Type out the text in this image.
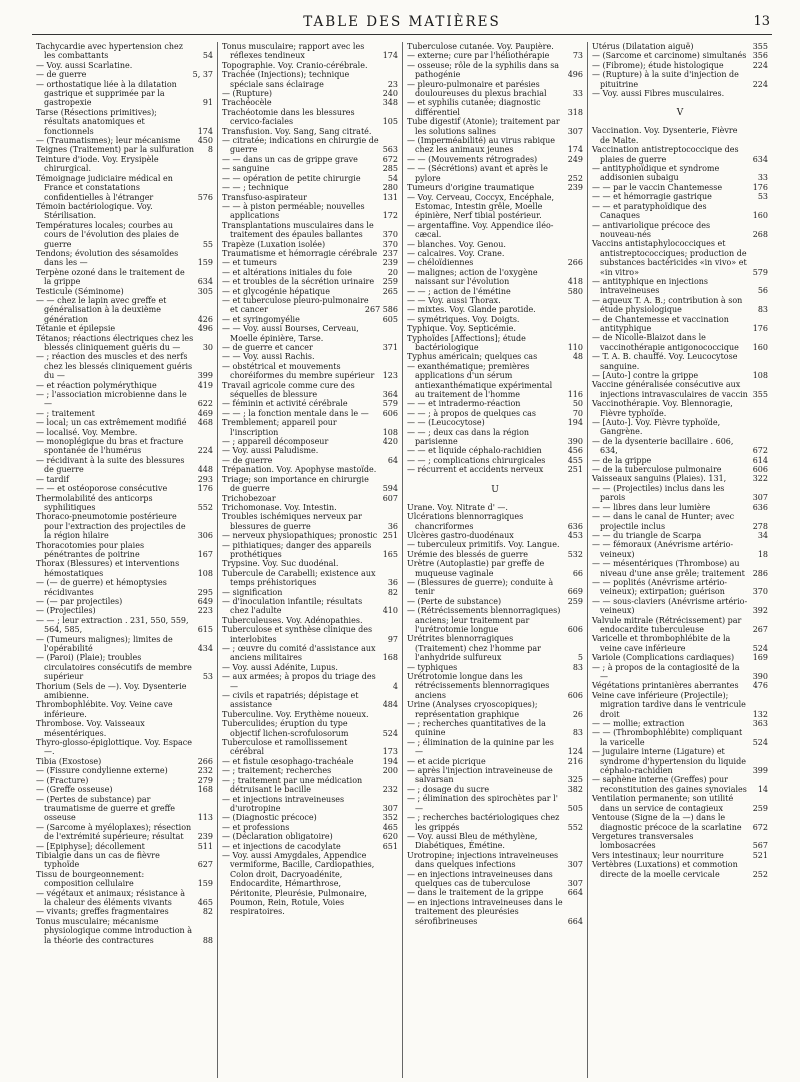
TABLE DES MATIÈRES	13
Tachycardie avec hypertension chez les combattants	54
— Voy. aussi Scarlatine.
— de guerre	5, 37
— orthostatique liée à la dilatation gastrique et supprimée par la gastropexie	91
Tarse (Résections primitives); résultats anatomiques et fonctionnels	174
— (Traumatismes); leur mécanisme	450
Teignes (Traitement) par la sulfuration	8
Teinture d'iode. Voy. Erysipèle chirurgical.
Témoignage judiciaire médical en France et constatations confidentielles à l'étranger	576
Témoin bactériologique. Voy. Stérilisation.
Températures locales; courbes au cours de l'évolution des plaies de guerre	55
Tendons; évolution des sésamoïdes dans les —	159
Terpène ozoné dans le traitement de la grippe	634
Testicule (Séminome)	305
— — chez le lapin avec greffe et généralisation à la deuxième génération	426
Tétanie et épilepsie	496
Tétanos; réactions électriques chez les blessés cliniquement guéris du —	30
— ; réaction des muscles et des nerfs chez les blessés cliniquement guéris du —	399
— et réaction polymérythique	419
— ; l'association microbienne dans le —	622
— ; traitement	469
— local; un cas extrêmement modifié	468
— localisé. Voy. Membre.
— monoplégique du bras et fracture spontanée de l'humérus	224
— récidivant à la suite des blessures de guerre	448
— tardif	293
— — et ostéoporose consécutive	176
Thermolabilité des anticorps syphilitiques	552
Thoraco-pneumotomie postérieure pour l'extraction des projectiles de la région hilaire	306
Thoracotomies pour plaies pénétrantes de poitrine	167
Thorax (Blessures) et interventions hémostatiques	108
— (— de guerre) et hémoptysies récidivantes	295
— (— par projectiles)	649
— (Projectiles)	223
— — ; leur extraction . 231, 550, 559, 564, 585,	615
— (Tumeurs malignes); limites de l'opérabilité	434
— (Paroi) (Plaie); troubles circulatoires consécutifs de membre supérieur	53
Thorium (Sels de —). Voy. Dysenterie amibienne.
Thrombophlébite. Voy. Veine cave inférieure.
Thrombose. Voy. Vaisseaux mésentériques.
Thyro-glosso-épiglottique. Voy. Espace —.
Tibia (Exostose)	266
— (Fissure condylienne externe)	232
— (Fracture)	279
— (Greffe osseuse)	168
— (Pertes de substance) par traumatisme de guerre et greffe osseuse	113
— (Sarcome à myéloplaxes); résection de l'extrémité supérieure; résultat	239
— [Epiphyse]; décollement	511
Tibialgie dans un cas de fièvre typhoïde	627
Tissu de bourgeonnement: composition cellulaire	159
— végétaux et animaux; résistance à la chaleur des éléments vivants	465
— vivants; greffes fragmentaires	82
Tonus musculaire; mécanisme physiologique comme introduction à la théorie des contractures	88
Tonus musculaire; rapport avec les réflexes tendineux	174
Topographie. Voy. Cranio-cérébrale.
Trachée (Injections); technique spéciale sans éclairage	23
— (Rupture)	240
Trachéocèle	348
Trachéotomie dans les blessures cervico-faciales	105
Transfusion. Voy. Sang, Sang citraté.
— citratée; indications en chirurgie de guerre	563
— — dans un cas de grippe grave	672
— sanguine	285
— — opération de petite chirurgie	54
— — ; technique	280
Transfuso-aspirateur	131
— — à piston perméable; nouvelles applications	172
Transplantations musculaires dans le traitement des épaules ballantes	370
Trapèze (Luxation isolée)	370
Traumatisme et hémorragie cérébrale 237
— et tumeurs	239
— et altérations initiales du foie	20
— et troubles de la sécrétion urinaire	259
— et glycogénie hépatique	265
— et tuberculose pleuro-pulmonaire et cancer	267 586
— et syringomyélie	605
— — Voy. aussi Bourses, Cerveau, Moelle épinière, Tarse.
— de guerre et cancer	371
— — Voy. aussi Rachis.
— obstétrical et mouvements choréiformes du membre supérieur	123
Travail agricole comme cure des séquelles de blessure	364
— féminin et activité cérébrale	579
— — ; la fonction mentale dans le —	606
Tremblement; appareil pour l'inscription	108
— ; appareil décomposeur	420
— Voy. aussi Paludisme.
— de guerre	64
Trépanation. Voy. Apophyse mastoïde.
Triage; son importance en chirurgie de guerre	594
Trichobezoar	607
Trichomonase. Voy. Intestin.
Troubles ischémiques nerveux par blessures de guerre	36
— nerveux physiopathiques; pronostic 251
— pithiatiques; danger des appareils prothétiques	165
Trypsine. Voy. Suc duodénal.
Tubercule de Carabelli; existence aux temps préhistoriques	36
— signification	82
— d'inoculation infantile; résultats chez l'adulte	410
Tuberculeuses. Voy. Adénopathies.
Tuberculose et synthèse clinique des interlobites	97
— ; œuvre du comité d'assistance aux anciens militaires	168
— Voy. aussi Adénite, Lupus.
— aux armées; à propos du triage des —	4
— civils et rapatriés; dépistage et assistance	484
Tuberculine. Voy. Erythème noueux.
Tuberculides; éruption du type objectif lichen-scrofulosorum	524
Tuberculose et ramollissement cérébral	173
— et fistule œsophago-trachéale	194
— ; traitement; recherches	200
— ; traitement par une médication détruisant le bacille	232
— et injections intraveineuses d'urotropine	307
— (Diagnostic précoce)	352
— et professions	465
— (Déclaration obligatoire)	620
— et injections de cacodylate	651
— Voy. aussi Amygdales, Appendice vermiforme, Bacille, Cardiopathies, Colon droit, Dacryoadénite, Endocardite, Hémarthrose, Péritonite, Pleurésie, Pulmonaire, Poumon, Rein, Rotule, Voies respiratoires.
Tuberculose cutanée. Voy. Paupière.
— externe; cure par l'héliothérapie	73
— osseuse; rôle de la syphilis dans sa pathogénie	496
— pleuro-pulmonaire et parésies douloureuses du plexus brachial	33
— et syphilis cutanée; diagnostic différentiel	318
Tube digestif (Atonie); traitement par les solutions salines	307
— (Imperméabilité) au virus rabique chez les animaux jeunes	174
— — (Mouvements rétrogrades)	249
— — (Sécrétions) avant et après le pylore	252
Tumeurs d'origine traumatique	239
— Voy. Cerveau, Coccyx, Encéphale, Estomac, Intestin grêle, Moelle épinière, Nerf tibial postérieur.
— argentaffine. Voy. Appendice iléo-cæcal.
— blanches. Voy. Genou.
— calcaires. Voy. Crane.
— chéloïdiennes	266
— malignes; action de l'oxygène naissant sur l'évolution	418
— — ; action de l'émétine	580
— — Voy. aussi Thorax.
— mixtes. Voy. Glande parotide.
— symétriques. Voy. Doigts.
Typhique. Voy. Septicémie.
Typhoïdes [Affections]; étude bactériologique	110
Typhus américain; quelques cas	48
— exanthématique; premières applications d'un sérum antiexanthématique expérimental au traitement de l'homme	116
— — et intradermo-réaction	50
— — ; à propos de quelques cas	70
— — (Leucocytose)	194
— — ; deux cas dans la région parisienne	390
— — et liquide céphalo-rachidien	456
— — ; complications chirurgicales	455
— récurrent et accidents nerveux	251
U
Urane. Voy. Nitrate d' —.
Ulcérations blennorragiques chancriformes	636
Ulcères gastro-duodénaux	453
— tuberculeux primitifs. Voy. Langue.
Urémie des blessés de guerre	532
Urètre (Autoplastie) par greffe de muqueuse vaginale	66
— (Blessures de guerre); conduite à tenir	669
— (Perte de substance)	259
— (Rétrécissements blennorragiques) anciens; leur traitement par l'urétrotomie longue	606
Urétrites blennorragiques (Traitement) chez l'homme par l'anhydride sulfureux	5
— typhiques	83
Urétrotomie longue dans les rétrécissements blennorragiques anciens	606
Urine (Analyses cryoscopiques); représentation graphique	26
— ; recherches quantitatives de la quinine	83
— ; élimination de la quinine par les —	124
— et acide picrique	216
— après l'injection intraveineuse de salvarsan	325
— ; dosage du sucre	382
— ; élimination des spirochètes par l' —	505
— ; recherches bactériologiques chez les grippés	552
— Voy. aussi Bleu de méthylène, Diabétiques, Émétine.
Urotropine; injections intraveineuses dans quelques infections	307
— en injections intraveineuses dans quelques cas de tuberculose	307
— dans le traitement de la grippe	664
— en injections intraveineuses dans le traitement des pleurésies sérofibrineuses	664
Utérus (Dilatation aiguë)	355
— (Sarcome et carcinome) simultanés 356
— (Fibrome); étude histologique	224
— (Rupture) à la suite d'injection de pituitrine	224
— Voy. aussi Fibres musculaires.
V
Vaccination. Voy. Dysenterie, Fièvre de Malte.
Vaccination antistreptococcique des plaies de guerre	634
— antityphoïdique et syndrome addisonien subaigu	33
— — par le vaccin Chantemesse	176
— — et hémorragie gastrique	53
— — et paratyphoïdique des Canaques	160
— antivariolique précoce des nouveau-nés	268
Vaccins antistaphylococciques et antistreptococciques; production de substances bactéricides «in vivo» et «in vitro»	579
— antityphique en injections intraveineuses	56
— aqueux T. A. B.; contribution à son étude physiologique	83
— de Chantemesse et vaccination antityphique	176
— de Nicolle-Blaizot dans le vaccinothérapie antigonococcique	160
— T. A. B. chauffé. Voy. Leucocytose sanguine.
— [Auto-] contre la grippe	108
Vaccine généralisée consécutive aux injections intravasculaires de vaccin 355
Vaccinothérapie. Voy. Blennoragie, Fièvre typhoïde.
— [Auto-]. Voy. Fièvre typhoïde, Gangrène.
— de la dysenterie bacillaire . 606, 634,	672
— de la grippe	614
— de la tuberculose pulmonaire	606
Vaisseaux sanguins (Plaies). 131,	322
— — (Projectiles) inclus dans les parois	307
— — libres dans leur lumière	636
— — dans le canal de Hunter; avec projectile inclus	278
— — du triangle de Scarpa	34
— — fémoraux (Anévrisme artério-veineux)	18
— — mésentériques (Thrombose) au niveau d'une anse grêle; traitement 286
— — poplités (Anévrisme artério-veineux); extirpation; guérison	370
— — sous-claviers (Anévrisme artério-veineux)	392
Valvule mitrale (Rétrécissement) par endocardite tuberculeuse	267
Varicelle et thrombophlébite de la veine cave inférieure	524
Variole (Complications cardiaques)	169
— ; à propos de la contagiosité de la —	390
Végétations printanières aberrantes	476
Veine cave inférieure (Projectile); migration tardive dans le ventricule droit	132
— — mollie; extraction	363
— — (Thrombophlébite) compliquant la varicelle	524
— jugulaire interne (Ligature) et syndrome d'hypertension du liquide céphalo-rachidien	399
— saphène interne (Greffes) pour reconstitution des gaines synoviales	14
Ventilation permanente; son utilité dans un service de contagieux	259
Ventouse (Signe de la —) dans le diagnostic précoce de la scarlatine	672
Vergetures transversales lombosacrées	567
Vers intestinaux; leur nourriture	521
Vertèbres (Luxations) et commotion directe de la moelle cervicale	252
